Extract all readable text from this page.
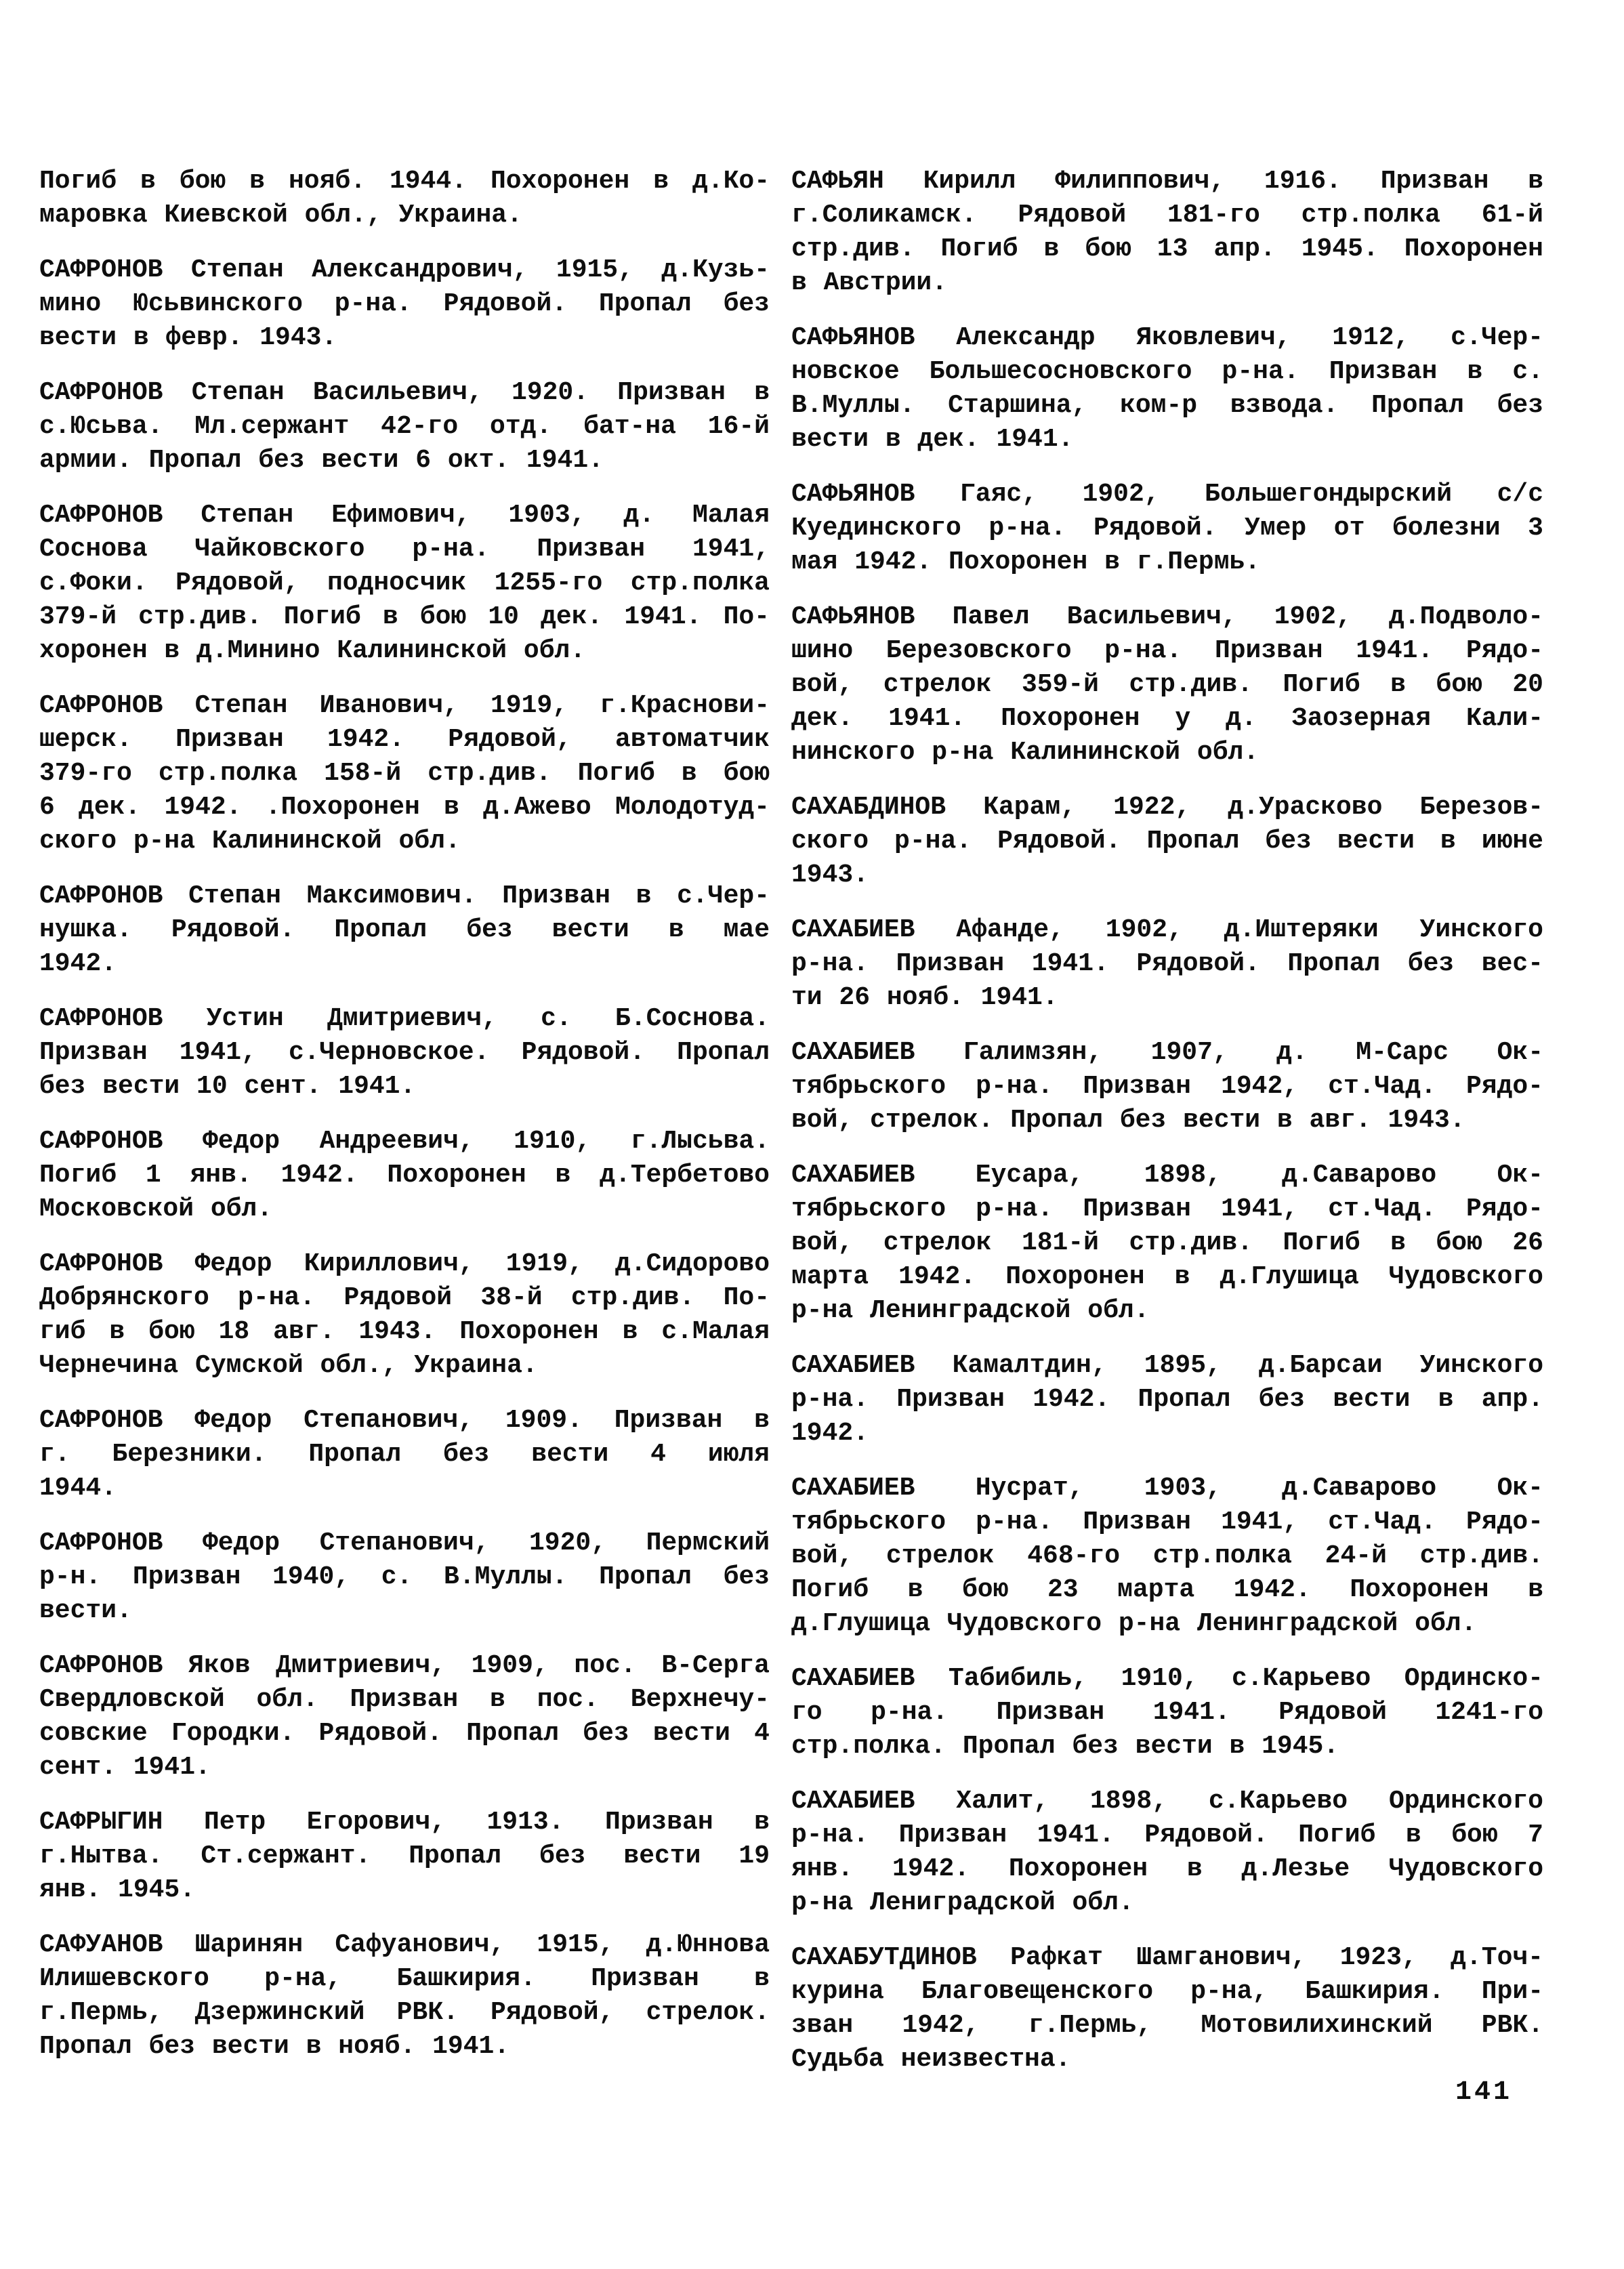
Погиб в бою в нояб. 1944. Похоронен в д.Ко-
маровка Киевской обл., Украина.
САФРОНОВ Степан Александрович, 1915, д.Кузь-
мино Юсьвинского р-на. Рядовой. Пропал без
вести в февр. 1943.
САФРОНОВ Степан Васильевич, 1920. Призван в
с.Юсьва. Мл.сержант 42-го отд. бат-на 16-й
армии. Пропал без вести 6 окт. 1941.
САФРОНОВ Степан Ефимович, 1903, д. Малая
Соснова Чайковского р-на. Призван 1941,
с.Фоки. Рядовой, подносчик 1255-го стр.полка
379-й стр.див. Погиб в бою 10 дек. 1941. По-
хоронен в д.Минино Калининской обл.
САФРОНОВ Степан Иванович, 1919, г.Краснови-
шерск. Призван 1942. Рядовой, автоматчик
379-го стр.полка 158-й стр.див. Погиб в бою
6 дек. 1942. .Похоронен в д.Ажево Молодотуд-
ского р-на Калининской обл.
САФРОНОВ Степан Максимович. Призван в с.Чер-
нушка. Рядовой. Пропал без вести в мае
1942.
САФРОНОВ Устин Дмитриевич, с. Б.Соснова.
Призван 1941, с.Черновское. Рядовой. Пропал
без вести 10 сент. 1941.
САФРОНОВ Федор Андреевич, 1910, г.Лысьва.
Погиб 1 янв. 1942. Похоронен в д.Тербетово
Московской обл.
САФРОНОВ Федор Кириллович, 1919, д.Сидорово
Добрянского р-на. Рядовой 38-й стр.див. По-
гиб в бою 18 авг. 1943. Похоронен в с.Малая
Чернечина Сумской обл., Украина.
САФРОНОВ Федор Степанович, 1909. Призван в
г. Березники. Пропал без вести 4 июля
1944.
САФРОНОВ Федор Степанович, 1920, Пермский
р-н. Призван 1940, с. В.Муллы. Пропал без
вести.
САФРОНОВ Яков Дмитриевич, 1909, пос. В-Серга
Свердловской обл. Призван в пос. Верхнечу-
совские Городки. Рядовой. Пропал без вести 4
сент. 1941.
САФРЫГИН Петр Егорович, 1913. Призван в
г.Нытва. Ст.сержант. Пропал без вести 19
янв. 1945.
САФУАНОВ Шаринян Сафуанович, 1915, д.Юннова
Илишевского р-на, Башкирия. Призван в
г.Пермь, Дзержинский РВК. Рядовой, стрелок.
Пропал без вести в нояб. 1941.
САФЬЯН Кирилл Филиппович, 1916. Призван в
г.Соликамск. Рядовой 181-го стр.полка 61-й
стр.див. Погиб в бою 13 апр. 1945. Похоронен
в Австрии.
САФЬЯНОВ Александр Яковлевич, 1912, с.Чер-
новское Большесосновского р-на. Призван в с.
В.Муллы. Старшина, ком-р взвода. Пропал без
вести в дек. 1941.
САФЬЯНОВ Гаяс, 1902, Большегондырский с/с
Куединского р-на. Рядовой. Умер от болезни 3
мая 1942. Похоронен в г.Пермь.
САФЬЯНОВ Павел Васильевич, 1902, д.Подволо-
шино Березовского р-на. Призван 1941. Рядо-
вой, стрелок 359-й стр.див. Погиб в бою 20
дек. 1941. Похоронен у д. Заозерная Кали-
нинского р-на Калининской обл.
САХАБДИНОВ Карам, 1922, д.Урасково Березов-
ского р-на. Рядовой. Пропал без вести в июне
1943.
САХАБИЕВ Афанде, 1902, д.Иштеряки Уинского
р-на. Призван 1941. Рядовой. Пропал без вес-
ти 26 нояб. 1941.
САХАБИЕВ Галимзян, 1907, д. М-Сарс Ок-
тябрьского р-на. Призван 1942, ст.Чад. Рядо-
вой, стрелок. Пропал без вести в авг. 1943.
САХАБИЕВ Еусара, 1898, д.Саварово Ок-
тябрьского р-на. Призван 1941, ст.Чад. Рядо-
вой, стрелок 181-й стр.див. Погиб в бою 26
марта 1942. Похоронен в д.Глушица Чудовского
р-на Ленинградской обл.
САХАБИЕВ Камалтдин, 1895, д.Барсаи Уинского
р-на. Призван 1942. Пропал без вести в апр.
1942.
САХАБИЕВ Нусрат, 1903, д.Саварово Ок-
тябрьского р-на. Призван 1941, ст.Чад. Рядо-
вой, стрелок 468-го стр.полка 24-й стр.див.
Погиб в бою 23 марта 1942. Похоронен в
д.Глушица Чудовского р-на Ленинградской обл.
САХАБИЕВ Табибиль, 1910, с.Карьево Ординско-
го р-на. Призван 1941. Рядовой 1241-го
стр.полка. Пропал без вести в 1945.
САХАБИЕВ Халит, 1898, с.Карьево Ординского
р-на. Призван 1941. Рядовой. Погиб в бою 7
янв. 1942. Похоронен в д.Лезье Чудовского
р-на Лениградской обл.
САХАБУТДИНОВ Рафкат Шамганович, 1923, д.Точ-
курина Благовещенского р-на, Башкирия. При-
зван 1942, г.Пермь, Мотовилихинский РВК.
Судьба неизвестна.
141
